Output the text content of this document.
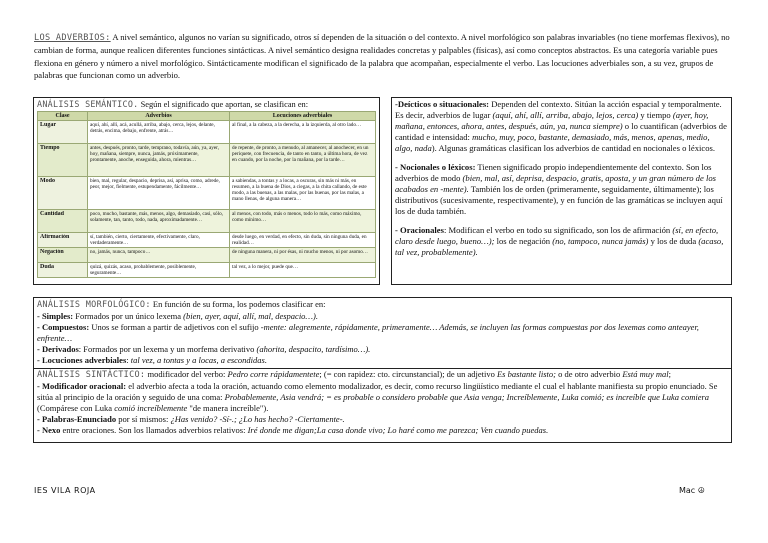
LOS ADVERBIOS: A nivel semántico, algunos no varían su significado, otros sí dependen de la situación o del contexto. A nivel morfológico son palabras invariables (no tiene morfemas flexivos), no cambian de forma, aunque realicen diferentes funciones sintácticas. A nivel semántico designa realidades concretas y palpables (físicas), así como conceptos abstractos. Es una categoría variable pues flexiona en género y número a nivel morfológico. Sintácticamente modifican el significado de la palabra que acompañan, especialmente el verbo. Las locuciones adverbiales son, a su vez, grupos de palabras que funcionan como un adverbio.
ANÁLISIS SEMÁNTICO. Según el significado que aportan, se clasifican en:
Clase	Adverbios	Locuciones adverbiales

Lugar	aquí, ahí, allí, acá, acullá, arriba, abajo, cerca, lejos, delante, detrás, encima, debajo, enfrente, atrás…	al final, a la cabeza, a la derecha, a la izquierda, al otro lado…

Tiempo	antes, después, pronto, tarde, temprano, todavía, aún, ya, ayer, hoy, mañana, siempre, nunca, jamás, próximamente, prontamente, anoche, enseguida, ahora, mientras…	de repente, de pronto, a menudo, al amanecer, al anochecer, en un periquete, con frecuencia, de tanto en tanto, a última hora, de vez en cuando, por la noche, por la mañana, por la tarde…

Modo	bien, mal, regular, despacio, deprisa, así, aprisa, como, adrede, peor, mejor, fielmente, estupendamente, fácilmente…	a sabiendas, a tontas y a locas, a oscuras, sin más ni más, en resumen, a la buena de Dios, a ciegas, a la chita callando, de este modo, a las buenas, a las malas, por las buenas, por las malas, a mano llenas, de alguna manera…

Cantidad	poco, mucho, bastante, más, menos, algo, demasiado, casi, sólo, solamente, tan, tanto, todo, nada, aproximadamente…	al menos, con todo, más o menos, todo lo más, como máximo, como mínimo…

Afirmación	sí, también, cierto, ciertamente, efectivamente, claro, verdaderamente…	desde luego, en verdad, en efecto, sin duda, sin ninguna duda, en realidad…

Negación	no, jamás, nunca, tampoco…	de ninguna manera, ni por ésas, ni mucho menos, ni por asomo…

Duda	quizá, quizás, acaso, probablemente, posiblemente, seguramente…	tal vez, a lo mejor, puede que…

-Deícticos o situacionales: Dependen del contexto. Sitúan la acción espacial y temporalmente. Es decir, adverbios de lugar (aquí, ahí, allí, arriba, abajo, lejos, cerca) y tiempo (ayer, hoy, mañana, entonces, ahora, antes, después, aún, ya, nunca siempre) o lo cuantifican (adverbios de cantidad e intensidad: mucho, muy, poco, bastante, demasiado, más, menos, apenas, medio, algo, nada). Algunas gramáticas clasifican los adverbios de cantidad en nocionales o léxicos.

- Nocionales o léxicos: Tienen significado propio independientemente del contexto. Son los adverbios de modo (bien, mal, así, deprisa, despacio, gratis, aposta, y un gran número de los acabados en -mente). También los de orden (primeramente, seguidamente, últimamente); los distributivos (sucesivamente, respectivamente), y en función de las gramáticas se incluyen aquí los de duda también.

- Oracionales: Modifican el verbo en todo su significado, son los de afirmación (sí, en efecto, claro desde luego, bueno…); los de negación (no, tampoco, nunca jamás) y los de duda (acaso, tal vez, probablemente).

ANÁLISIS MORFOLÓGICO: En función de su forma, los podemos clasificar en:

- Simples: Formados por un único lexema (bien, ayer, aquí, allí, mal, despacio…).

- Compuestos: Unos se forman a partir de adjetivos con el sufijo -mente: alegremente, rápidamente, primeramente… Además, se incluyen las formas compuestas por dos lexemas como anteayer, enfrente…

- Derivados: Formados por un lexema y un morfema derivativo (ahorita, despacito, tardísimo…).

- Locuciones adverbiales: tal vez, a tontas y a locas, a escondidas.

ANÁLISIS SINTÁCTICO: modificador del verbo: Pedro corre rápidamentete; (= con rapidez: cto. circunstancial); de un adjetivo Es bastante listo; o de otro adverbio Está muy mal;

- Modificador oracional: el adverbio afecta a toda la oración, actuando como elemento modalizador, es decir, como recurso lingüístico mediante el cual el hablante manifiesta su propio enunciado. Se sitúa al principio de la oración y seguido de una coma: Probablemente, Asia vendrá; = es probable o considero probable que Asia venga; Increíblemente, Luka comió; es increíble que Luka comiera (Compárese con Luka comió increíblemente "de manera increíble").

- Palabras-Enunciado por sí mismos: ¿Has venido? -Sí-.; ¿Lo has hecho? -Ciertamente-.

- Nexo entre oraciones. Son los llamados adverbios relativos: Iré donde me digan;La casa donde vivo; Lo haré como me parezca; Ven cuando puedas.

IES VILA ROJA	Mac ☮
